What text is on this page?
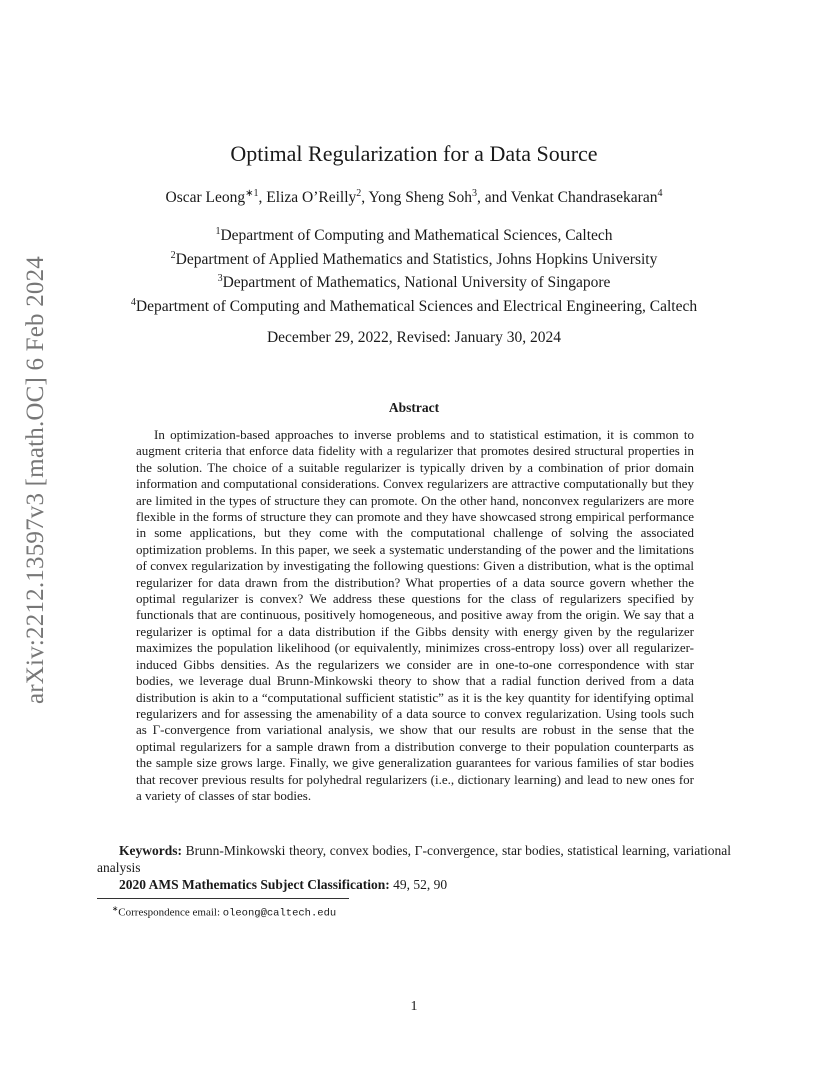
arXiv:2212.13597v3 [math.OC] 6 Feb 2024
Optimal Regularization for a Data Source
Oscar Leong$^{∗1}$, Eliza O’Reilly$^2$, Yong Sheng Soh$^3$, and Venkat Chandrasekaran$^4$
$^1$Department of Computing and Mathematical Sciences, Caltech
$^2$Department of Applied Mathematics and Statistics, Johns Hopkins University
$^3$Department of Mathematics, National University of Singapore
$^4$Department of Computing and Mathematical Sciences and Electrical Engineering, Caltech
December 29, 2022, Revised: January 30, 2024
Abstract

In optimization-based approaches to inverse problems and to statistical estimation, it is common to augment criteria that enforce data fidelity with a regularizer that promotes desired structural properties in the solution. The choice of a suitable regularizer is typically driven by a combination of prior domain information and computational considerations. Convex regularizers are attractive computationally but they are limited in the types of structure they can promote. On the other hand, nonconvex regularizers are more flexible in the forms of structure they can promote and they have showcased strong empirical performance in some applications, but they come with the computational challenge of solving the associated optimization problems. In this paper, we seek a systematic understanding of the power and the limitations of convex regularization by investigating the following questions: Given a distribution, what is the optimal regularizer for data drawn from the distribution? What properties of a data source govern whether the optimal regularizer is convex? We address these questions for the class of regularizers specified by functionals that are continuous, positively homogeneous, and positive away from the origin. We say that a regularizer is optimal for a data distribution if the Gibbs density with energy given by the regularizer maximizes the population likelihood (or equivalently, minimizes cross-entropy loss) over all regularizer-induced Gibbs densities. As the regularizers we consider are in one-to-one correspondence with star bodies, we leverage dual Brunn-Minkowski theory to show that a radial function derived from a data distribution is akin to a “computational sufficient statistic” as it is the key quantity for identifying optimal regularizers and for assessing the amenability of a data source to convex regularization. Using tools such as Γ-convergence from variational analysis, we show that our results are robust in the sense that the optimal regularizers for a sample drawn from a distribution converge to their population counterparts as the sample size grows large. Finally, we give generalization guarantees for various families of star bodies that recover previous results for polyhedral regularizers (i.e., dictionary learning) and lead to new ones for a variety of classes of star bodies.

Keywords: Brunn-Minkowski theory, convex bodies, Γ-convergence, star bodies, statistical learning, variational analysis

2020 AMS Mathematics Subject Classification: 49, 52, 90

∗Correspondence email: oleong@caltech.edu
1
